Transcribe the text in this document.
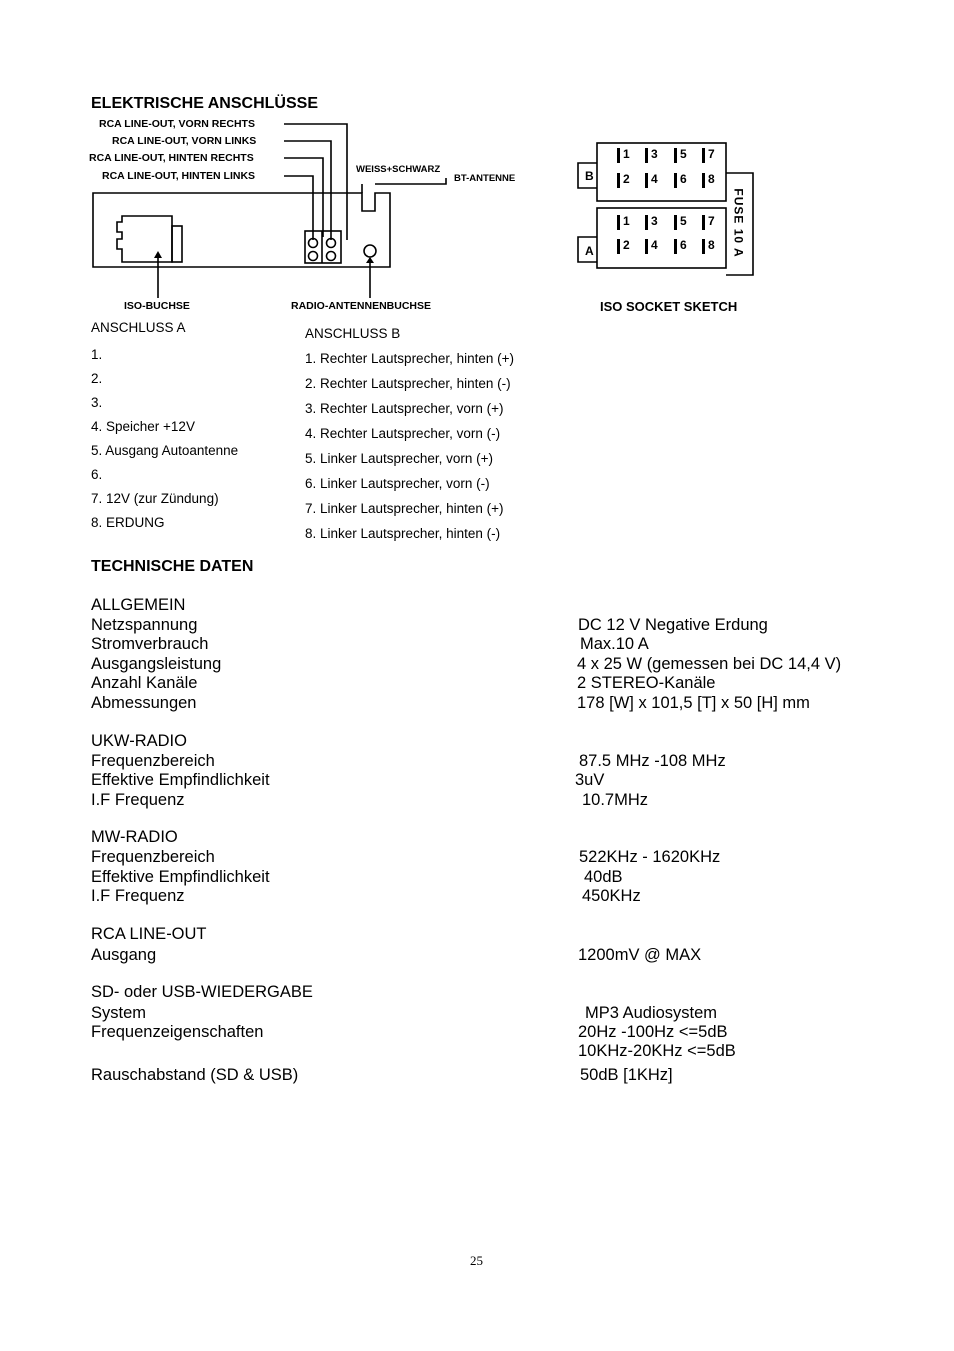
ELEKTRISCHE ANSCHLÜSSE
RCA LINE-OUT, VORN RECHTS
RCA LINE-OUT, VORN LINKS
RCA LINE-OUT, HINTEN RECHTS
RCA LINE-OUT, HINTEN LINKS
WEISS+SCHWARZ
BT-ANTENNE
ISO-BUCHSE	RADIO-ANTENNENBUCHSE	ISO SOCKET SKETCH
B
A	FUSE 10 A
1 3 5 7
2 4 6 8
1 3 5 7
2 4 6 8
ANSCHLUSS A
1.
2.
3.
4. Speicher +12V
5. Ausgang Autoantenne
6.
7. 12V (zur Zündung)
8. ERDUNG
ANSCHLUSS B
1. Rechter Lautsprecher, hinten (+)
2. Rechter Lautsprecher, hinten (-)
3. Rechter Lautsprecher, vorn (+)
4. Rechter Lautsprecher, vorn (-)
5. Linker Lautsprecher, vorn (+)
6. Linker Lautsprecher, vorn (-)
7. Linker Lautsprecher, hinten (+)
8. Linker Lautsprecher, hinten (-)
TECHNISCHE DATEN
ALLGEMEIN
Netzspannung	DC 12 V Negative Erdung
Stromverbrauch	Max.10 A
Ausgangsleistung	4 x 25 W (gemessen bei DC 14,4 V)
Anzahl Kanäle	2 STEREO-Kanäle
Abmessungen	178 [W] x 101,5 [T] x 50 [H] mm
UKW-RADIO
Frequenzbereich	87.5 MHz -108 MHz
Effektive Empfindlichkeit	3uV
I.F Frequenz	10.7MHz
MW-RADIO
Frequenzbereich	522KHz - 1620KHz
Effektive Empfindlichkeit	40dB
I.F Frequenz	450KHz
RCA LINE-OUT
Ausgang	1200mV @ MAX
SD- oder USB-WIEDERGABE
System	MP3 Audiosystem
Frequenzeigenschaften	20Hz -100Hz <=5dB
10KHz-20KHz <=5dB
Rauschabstand (SD & USB)	50dB [1KHz]
25
